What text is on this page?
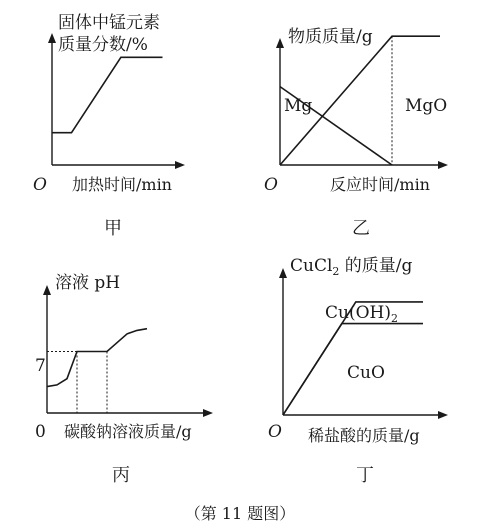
固体中锰元素
质量分数/%
O 加热时间/min
甲
物质质量/g
Mg	MgO
O	反应时间/min
乙
溶液 pH
7
0 碳酸钠溶液质量/g
丙
CuCl$_2$ 的质量/g
$Cu(OH)_2$
CuO
O 稀盐酸的质量/g
丁
（第 11 题图）
